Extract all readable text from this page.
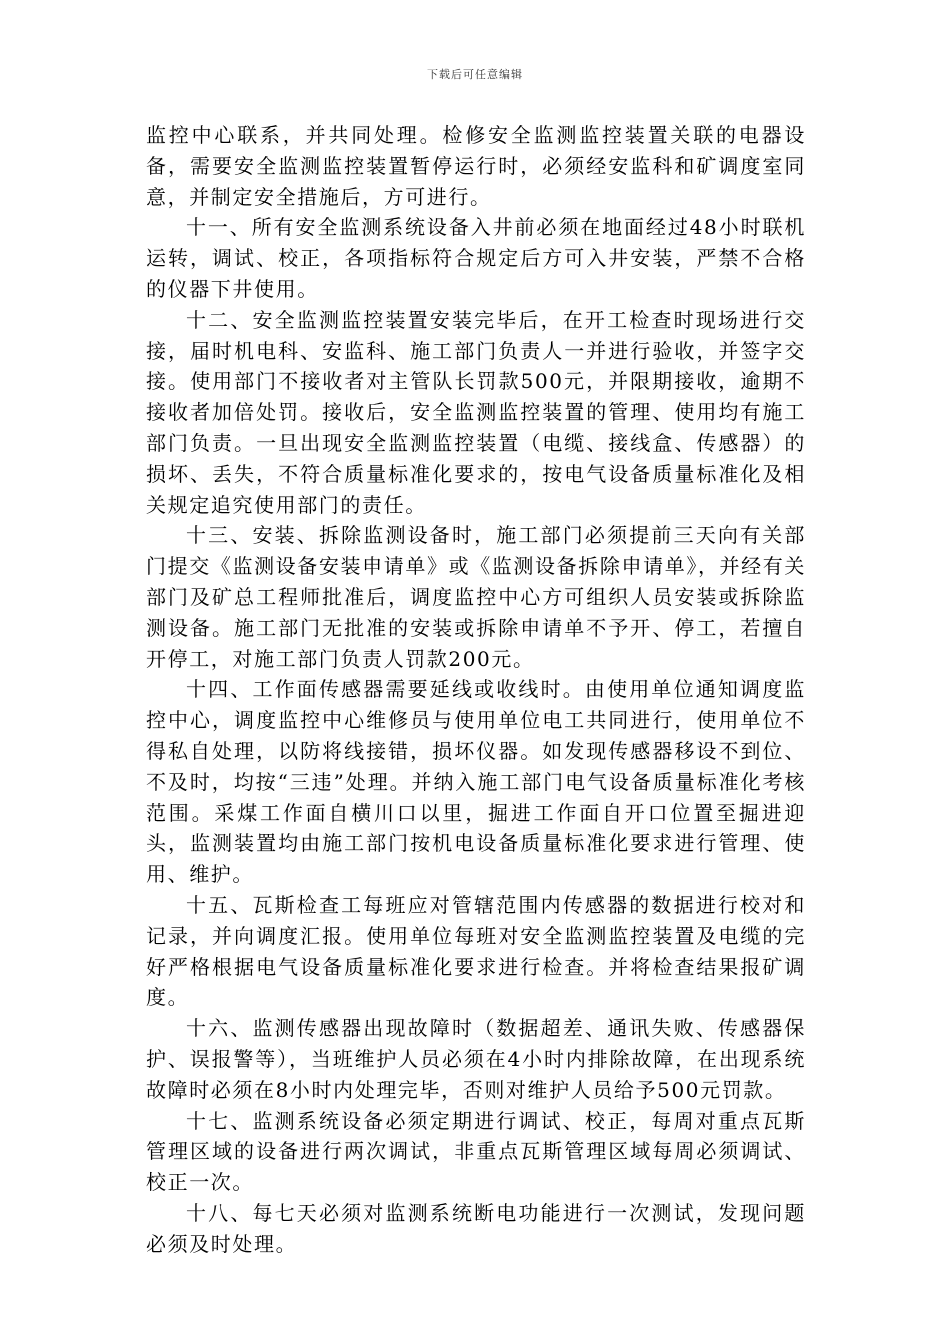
下载后可任意编辑

监控中心联系，并共同处理。检修安全监测监控装置关联的电器设备，需要安全监测监控装置暂停运行时，必须经安监科和矿调度室同意，并制定安全措施后，方可进行。

十一、所有安全监测系统设备入井前必须在地面经过48小时联机运转，调试、校正，各项指标符合规定后方可入井安装，严禁不合格的仪器下井使用。

十二、安全监测监控装置安装完毕后，在开工检查时现场进行交接，届时机电科、安监科、施工部门负责人一并进行验收，并签字交接。使用部门不接收者对主管队长罚款500元，并限期接收，逾期不接收者加倍处罚。接收后，安全监测监控装置的管理、使用均有施工部门负责。一旦出现安全监测监控装置（电缆、接线盒、传感器）的损坏、丢失，不符合质量标准化要求的，按电气设备质量标准化及相关规定追究使用部门的责任。

十三、安装、拆除监测设备时，施工部门必须提前三天向有关部门提交《监测设备安装申请单》或《监测设备拆除申请单》，并经有关部门及矿总工程师批准后，调度监控中心方可组织人员安装或拆除监测设备。施工部门无批准的安装或拆除申请单不予开、停工，若擅自开停工，对施工部门负责人罚款200元。

十四、工作面传感器需要延线或收线时。由使用单位通知调度监控中心，调度监控中心维修员与使用单位电工共同进行，使用单位不得私自处理，以防将线接错，损坏仪器。如发现传感器移设不到位、不及时，均按“三违”处理。并纳入施工部门电气设备质量标准化考核范围。采煤工作面自横川口以里，掘进工作面自开口位置至掘进迎头，监测装置均由施工部门按机电设备质量标准化要求进行管理、使用、维护。

十五、瓦斯检查工每班应对管辖范围内传感器的数据进行校对和记录，并向调度汇报。使用单位每班对安全监测监控装置及电缆的完好严格根据电气设备质量标准化要求进行检查。并将检查结果报矿调度。

十六、监测传感器出现故障时（数据超差、通讯失败、传感器保护、误报警等），当班维护人员必须在4小时内排除故障，在出现系统故障时必须在8小时内处理完毕，否则对维护人员给予500元罚款。

十七、监测系统设备必须定期进行调试、校正，每周对重点瓦斯管理区域的设备进行两次调试，非重点瓦斯管理区域每周必须调试、校正一次。

十八、每七天必须对监测系统断电功能进行一次测试，发现问题必须及时处理。
